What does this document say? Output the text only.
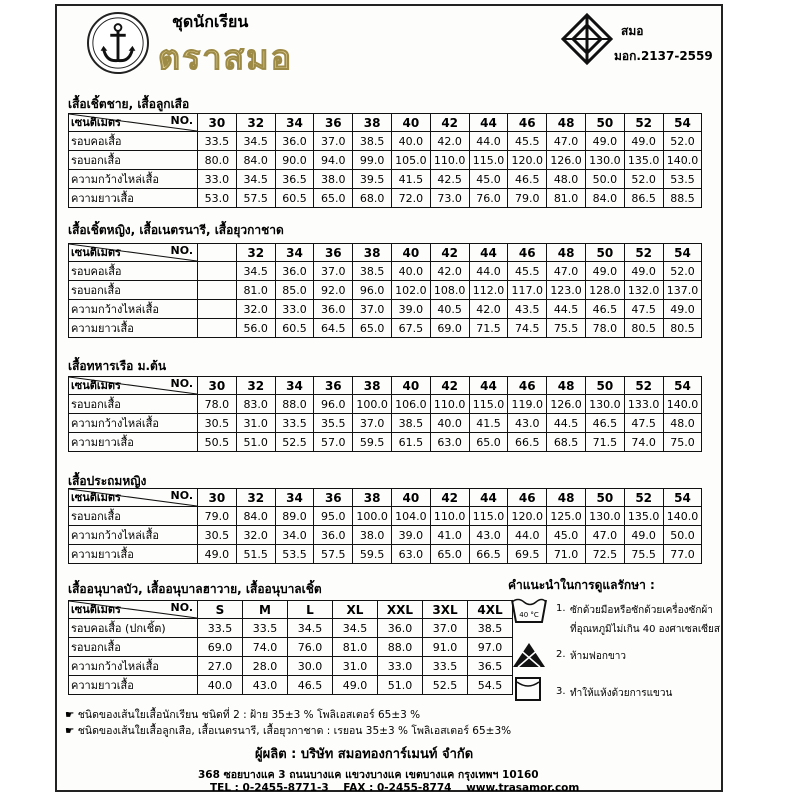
ชุดนักเรียน
ตราสมอ
สมอ
มอก.2137-2559
เสื้อเชิ้ตชาย, เสื้อลูกเสือ
NO.
เซนติเมตร	30	32	34	36	38	40	42	44	46	48	50	52	54
รอบคอเสื้อ	33.5	34.5	36.0	37.0	38.5	40.0	42.0	44.0	45.5	47.0	49.0	49.0	52.0
รอบอกเสื้อ	80.0	84.0	90.0	94.0	99.0	105.0	110.0	115.0	120.0	126.0	130.0	135.0	140.0
ความกว้างไหล่เสื้อ	33.0	34.5	36.5	38.0	39.5	41.5	42.5	45.0	46.5	48.0	50.0	52.0	53.5
ความยาวเสื้อ	53.0	57.5	60.5	65.0	68.0	72.0	73.0	76.0	79.0	81.0	84.0	86.5	88.5
เสื้อเชิ้ตหญิง, เสื้อเนตรนารี, เสื้อยุวกาชาด
NO.
เซนติเมตร		32	34	36	38	40	42	44	46	48	50	52	54
รอบคอเสื้อ		34.5	36.0	37.0	38.5	40.0	42.0	44.0	45.5	47.0	49.0	49.0	52.0
รอบอกเสื้อ		81.0	85.0	92.0	96.0	102.0	108.0	112.0	117.0	123.0	128.0	132.0	137.0
ความกว้างไหล่เสื้อ		32.0	33.0	36.0	37.0	39.0	40.5	42.0	43.5	44.5	46.5	47.5	49.0
ความยาวเสื้อ		56.0	60.5	64.5	65.0	67.5	69.0	71.5	74.5	75.5	78.0	80.5	80.5
เสื้อทหารเรือ ม.ต้น
NO.
เซนติเมตร	30	32	34	36	38	40	42	44	46	48	50	52	54
รอบอกเสื้อ	78.0	83.0	88.0	96.0	100.0	106.0	110.0	115.0	119.0	126.0	130.0	133.0	140.0
ความกว้างไหล่เสื้อ	30.5	31.0	33.5	35.5	37.0	38.5	40.0	41.5	43.0	44.5	46.5	47.5	48.0
ความยาวเสื้อ	50.5	51.0	52.5	57.0	59.5	61.5	63.0	65.0	66.5	68.5	71.5	74.0	75.0
เสื้อประถมหญิง
NO.
เซนติเมตร	30	32	34	36	38	40	42	44	46	48	50	52	54
รอบอกเสื้อ	79.0	84.0	89.0	95.0	100.0	104.0	110.0	115.0	120.0	125.0	130.0	135.0	140.0
ความกว้างไหล่เสื้อ	30.5	32.0	34.0	36.0	38.0	39.0	41.0	43.0	44.0	45.0	47.0	49.0	50.0
ความยาวเสื้อ	49.0	51.5	53.5	57.5	59.5	63.0	65.0	66.5	69.5	71.0	72.5	75.5	77.0
เสื้ออนุบาลบัว, เสื้ออนุบาลฮาวาย, เสื้ออนุบาลเชิ้ต
NO.
เซนติเมตร	S	M	L	XL	XXL	3XL	4XL
รอบคอเสื้อ (ปกเชิ้ต)	33.5	33.5	34.5	34.5	36.0	37.0	38.5
รอบอกเสื้อ	69.0	74.0	76.0	81.0	88.0	91.0	97.0
ความกว้างไหล่เสื้อ	27.0	28.0	30.0	31.0	33.0	33.5	36.5
ความยาวเสื้อ	40.0	43.0	46.5	49.0	51.0	52.5	54.5
คำแนะนำในการดูแลรักษา :
40 °C
1. ซักด้วยมือหรือซักด้วยเครื่องซักผ้า
ที่อุณหภูมิไม่เกิน 40 องศาเซลเซียส
2. ห้ามฟอกขาว
3. ทำให้แห้งด้วยการแขวน
☛ ชนิดของเส้นใยเสื้อนักเรียน ชนิดที่ 2 : ฝ้าย 35±3 % โพลิเอสเตอร์ 65±3 %
☛ ชนิดของเส้นใยเสื้อลูกเสือ, เสื้อเนตรนารี, เสื้อยุวกาชาด : เรยอน 35±3 % โพลิเอสเตอร์ 65±3%
ผู้ผลิต : บริษัท สมอทองการ์เมนท์ จำกัด
368 ซอยบางแค 3 ถนนบางแค แขวงบางแค เขตบางแค กรุงเทพฯ 10160
TEL : 0-2455-8771-3 FAX : 0-2455-8774 www.trasamor.com
